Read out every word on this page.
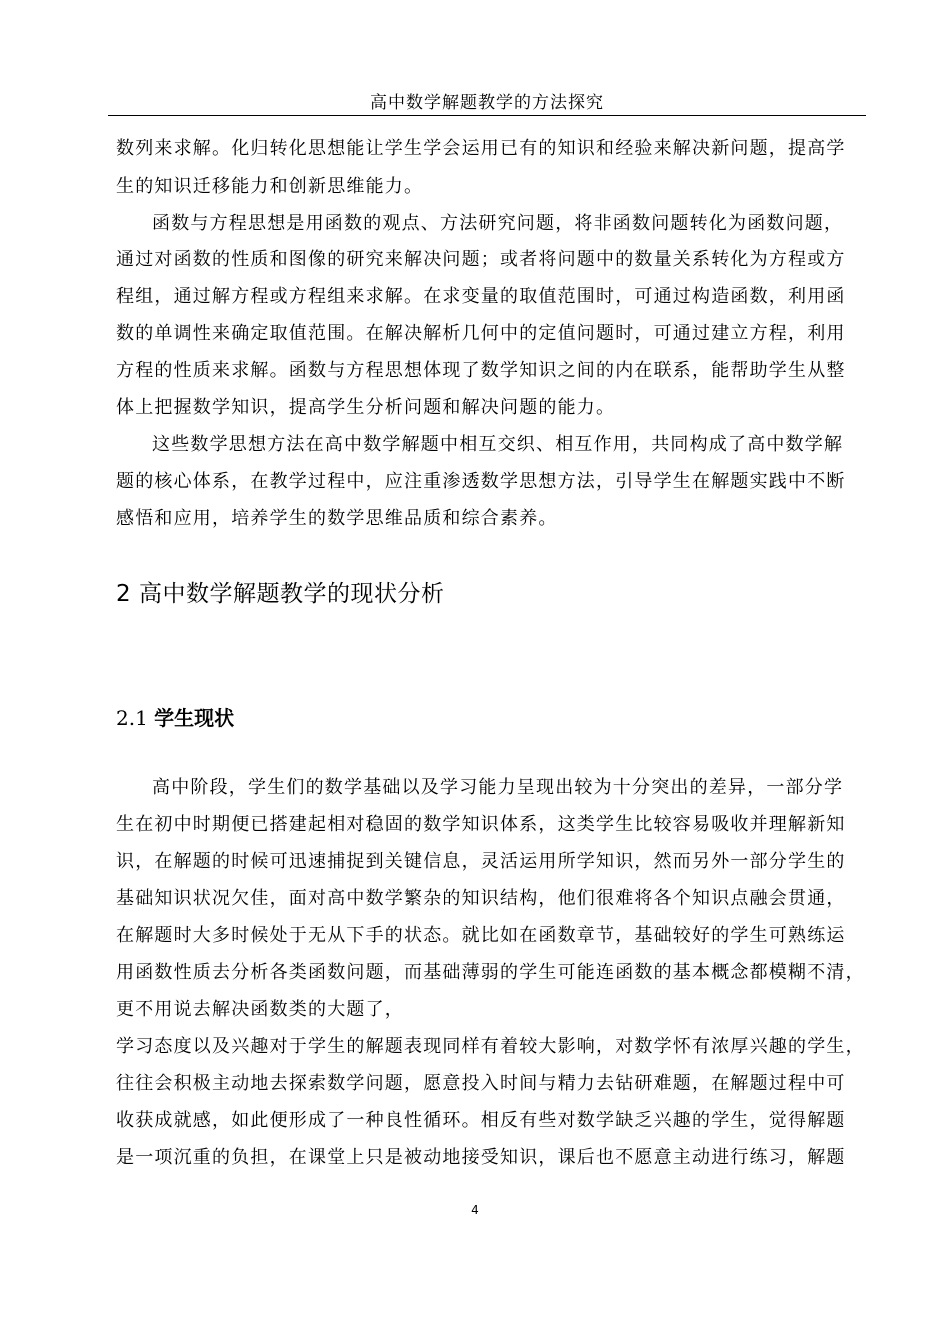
高中数学解题教学的方法探究
数列来求解。化归转化思想能让学生学会运用已有的知识和经验来解决新问题，提高学
生的知识迁移能力和创新思维能力。
函数与方程思想是用函数的观点、方法研究问题，将非函数问题转化为函数问题，
通过对函数的性质和图像的研究来解决问题；或者将问题中的数量关系转化为方程或方
程组，通过解方程或方程组来求解。在求变量的取值范围时，可通过构造函数，利用函
数的单调性来确定取值范围。在解决解析几何中的定值问题时，可通过建立方程，利用
方程的性质来求解。函数与方程思想体现了数学知识之间的内在联系，能帮助学生从整
体上把握数学知识，提高学生分析问题和解决问题的能力。
这些数学思想方法在高中数学解题中相互交织、相互作用，共同构成了高中数学解
题的核心体系，在教学过程中，应注重渗透数学思想方法，引导学生在解题实践中不断
感悟和应用，培养学生的数学思维品质和综合素养。
2 高中数学解题教学的现状分析
2.1 学生现状
高中阶段，学生们的数学基础以及学习能力呈现出较为十分突出的差异，一部分学
生在初中时期便已搭建起相对稳固的数学知识体系，这类学生比较容易吸收并理解新知
识，在解题的时候可迅速捕捉到关键信息，灵活运用所学知识，然而另外一部分学生的
基础知识状况欠佳，面对高中数学繁杂的知识结构，他们很难将各个知识点融会贯通，
在解题时大多时候处于无从下手的状态。就比如在函数章节，基础较好的学生可熟练运
用函数性质去分析各类函数问题，而基础薄弱的学生可能连函数的基本概念都模糊不清，
更不用说去解决函数类的大题了，
学习态度以及兴趣对于学生的解题表现同样有着较大影响，对数学怀有浓厚兴趣的学生，
往往会积极主动地去探索数学问题，愿意投入时间与精力去钻研难题，在解题过程中可
收获成就感，如此便形成了一种良性循环。相反有些对数学缺乏兴趣的学生，觉得解题
是一项沉重的负担，在课堂上只是被动地接受知识，课后也不愿意主动进行练习，解题
4
